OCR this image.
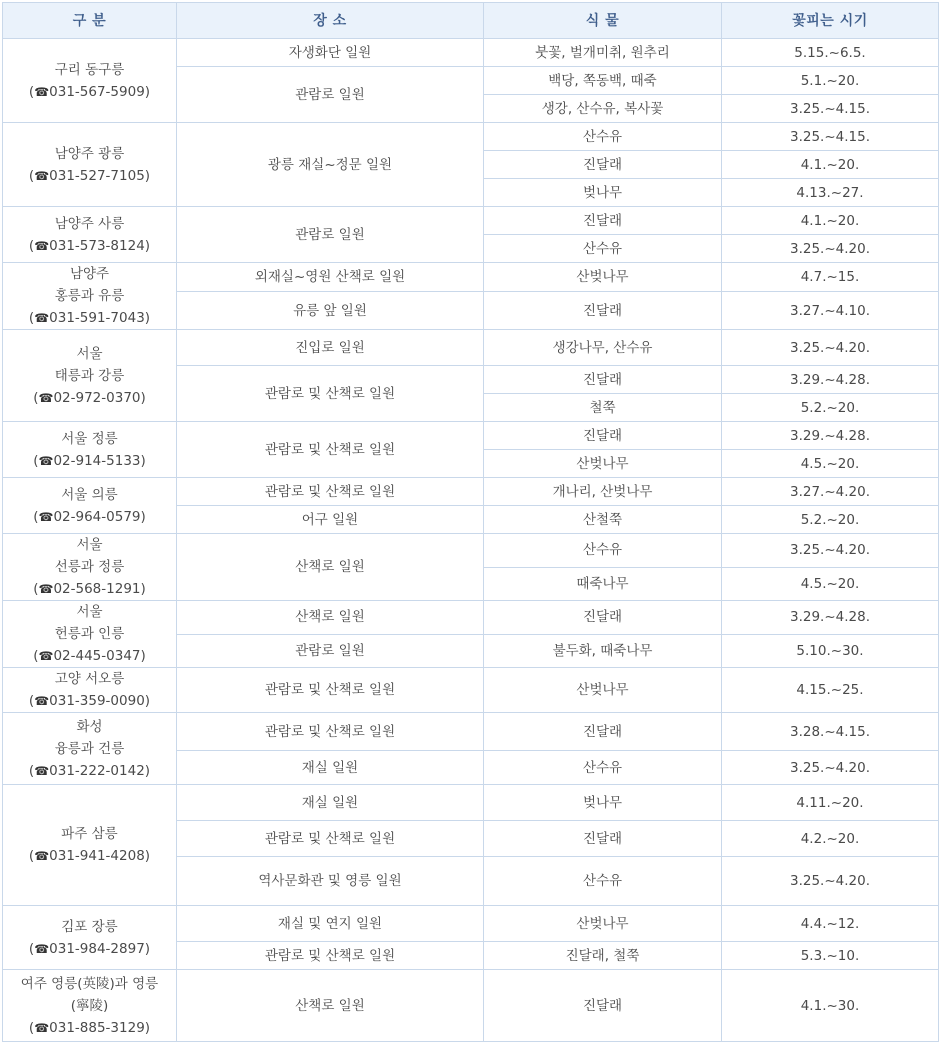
구 분	장 소	식 물	꽃피는 시기

구리 동구릉
(☎031-567-5909)	자생화단 일원	붓꽃, 벌개미취, 원추리	5.15.~6.5.
	관람로 일원	백당, 쪽동백, 때죽	5.1.~20.
		생강, 산수유, 복사꽃	3.25.~4.15.

남양주 광릉
(☎031-527-7105)	광릉 재실~정문 일원	산수유	3.25.~4.15.
		진달래	4.1.~20.
		벚나무	4.13.~27.

남양주 사릉
(☎031-573-8124)	관람로 일원	진달래	4.1.~20.
		산수유	3.25.~4.20.

남양주
홍릉과 유릉
(☎031-591-7043)	외재실~영원 산책로 일원	산벚나무	4.7.~15.
	유릉 앞 일원	진달래	3.27.~4.10.

서울
태릉과 강릉
(☎02-972-0370)	진입로 일원	생강나무, 산수유	3.25.~4.20.
	관람로 및 산책로 일원	진달래	3.29.~4.28.
		철쭉	5.2.~20.

서울 정릉
(☎02-914-5133)	관람로 및 산책로 일원	진달래	3.29.~4.28.
		산벚나무	4.5.~20.

서울 의릉
(☎02-964-0579)	관람로 및 산책로 일원	개나리, 산벚나무	3.27.~4.20.
	어구 일원	산철쭉	5.2.~20.

서울
선릉과 정릉
(☎02-568-1291)	산책로 일원	산수유	3.25.~4.20.
		때죽나무	4.5.~20.

서울
헌릉과 인릉
(☎02-445-0347)	산책로 일원	진달래	3.29.~4.28.
	관람로 일원	불두화, 때죽나무	5.10.~30.

고양 서오릉
(☎031-359-0090)	관람로 및 산책로 일원	산벚나무	4.15.~25.

화성
융릉과 건릉
(☎031-222-0142)	관람로 및 산책로 일원	진달래	3.28.~4.15.
	재실 일원	산수유	3.25.~4.20.

파주 삼릉
(☎031-941-4208)	재실 일원	벚나무	4.11.~20.
	관람로 및 산책로 일원	진달래	4.2.~20.
	역사문화관 및 영릉 일원	산수유	3.25.~4.20.

김포 장릉
(☎031-984-2897)	재실 및 연지 일원	산벚나무	4.4.~12.
	관람로 및 산책로 일원	진달래, 철쭉	5.3.~10.

여주 영릉(英陵)과 영릉
(寧陵)
(☎031-885-3129)	산책로 일원	진달래	4.1.~30.
